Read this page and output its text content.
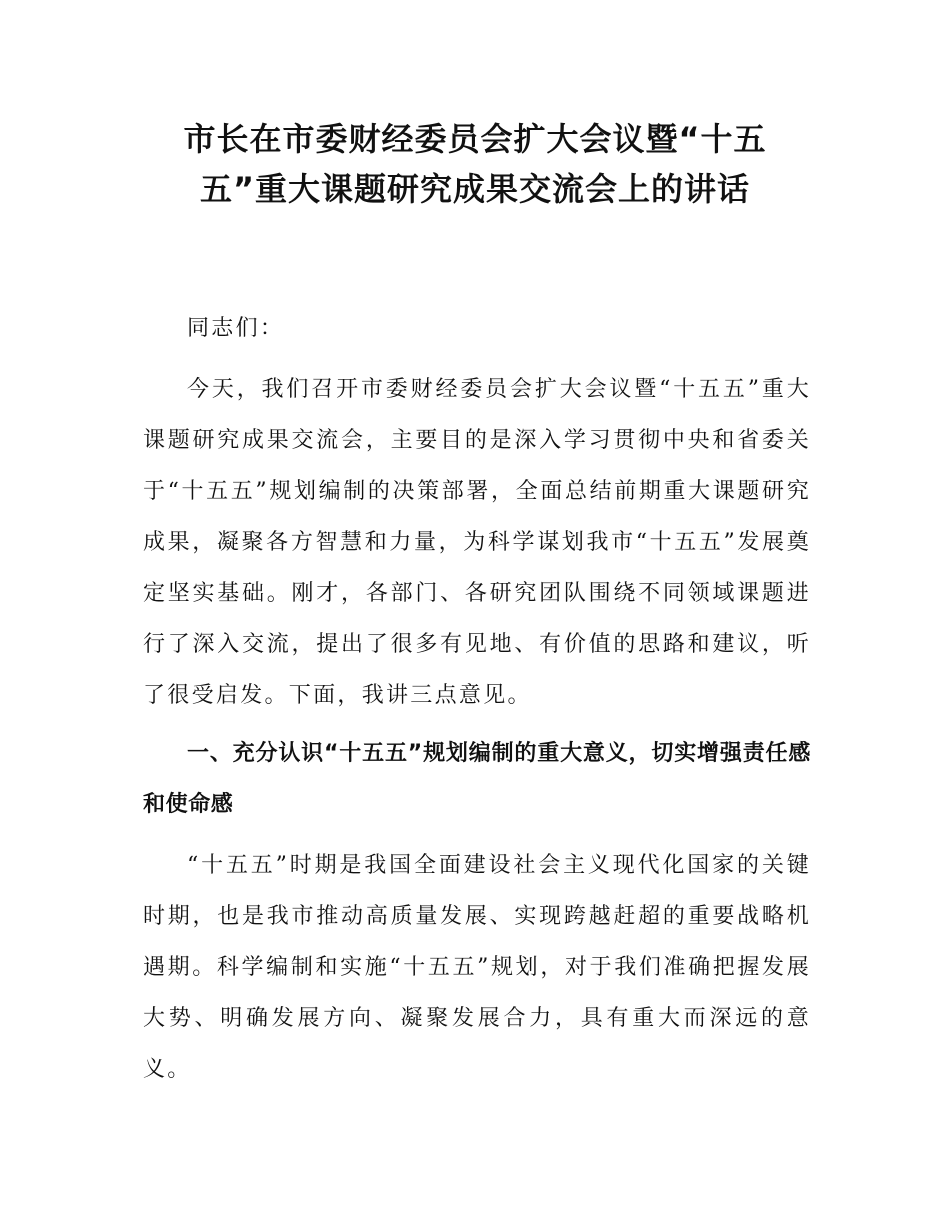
市长在市委财经委员会扩大会议暨“十五
五”重大课题研究成果交流会上的讲话

同志们：

今天，我们召开市委财经委员会扩大会议暨“十五五”重大课题研究成果交流会，主要目的是深入学习贯彻中央和省委关于“十五五”规划编制的决策部署，全面总结前期重大课题研究成果，凝聚各方智慧和力量，为科学谋划我市“十五五”发展奠定坚实基础。刚才，各部门、各研究团队围绕不同领域课题进行了深入交流，提出了很多有见地、有价值的思路和建议，听了很受启发。下面，我讲三点意见。

一、充分认识“十五五”规划编制的重大意义，切实增强责任感和使命感

“十五五”时期是我国全面建设社会主义现代化国家的关键时期，也是我市推动高质量发展、实现跨越赶超的重要战略机遇期。科学编制和实施“十五五”规划，对于我们准确把握发展大势、明确发展方向、凝聚发展合力，具有重大而深远的意义。
